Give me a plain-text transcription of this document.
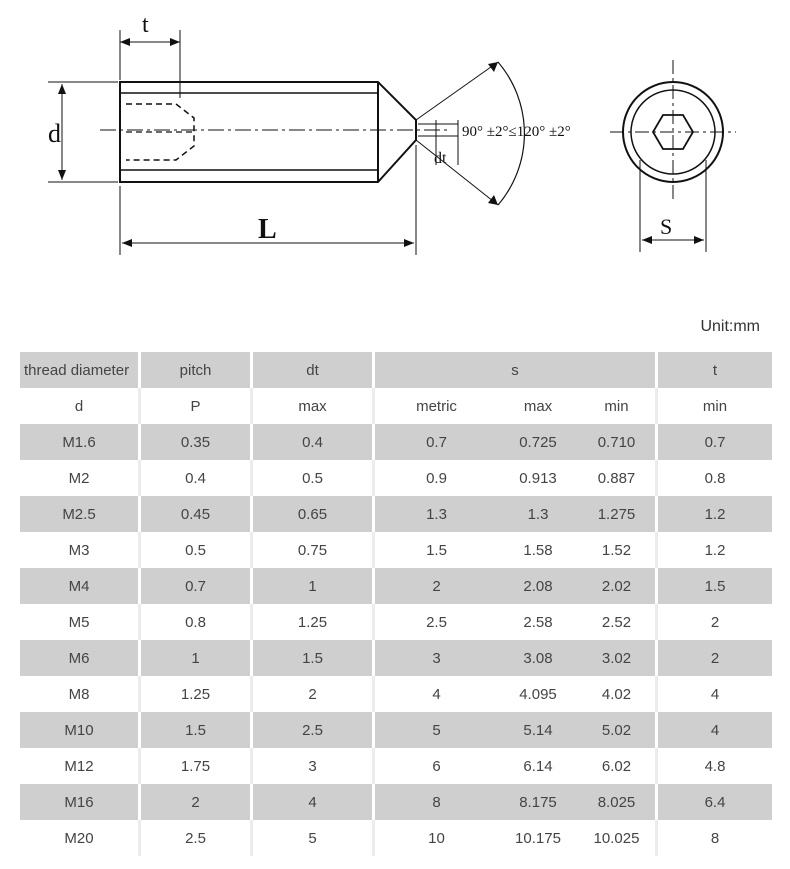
t
d
L
dt
S
90° ±2°≤120° ±2°
Unit:mm
thread diameter	pitch	dt	s			t
d	P	max	metric	max	min	min
M1.6	0.35	0.4	0.7	0.725	0.710	0.7
M2	0.4	0.5	0.9	0.913	0.887	0.8
M2.5	0.45	0.65	1.3	1.3	1.275	1.2
M3	0.5	0.75	1.5	1.58	1.52	1.2
M4	0.7	1	2	2.08	2.02	1.5
M5	0.8	1.25	2.5	2.58	2.52	2
M6	1	1.5	3	3.08	3.02	2
M8	1.25	2	4	4.095	4.02	4
M10	1.5	2.5	5	5.14	5.02	4
M12	1.75	3	6	6.14	6.02	4.8
M16	2	4	8	8.175	8.025	6.4
M20	2.5	5	10	10.175	10.025	8
